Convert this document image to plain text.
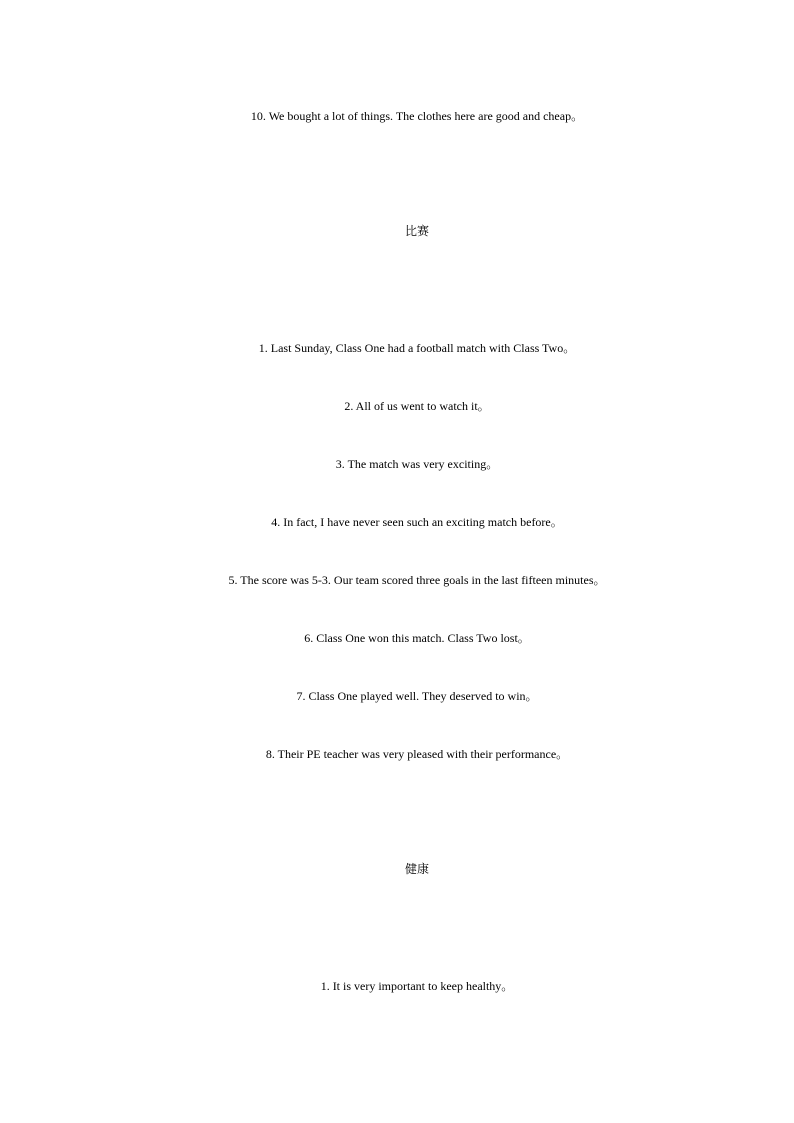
10. We bought a lot of things. The clothes here are good and cheap。
比赛
1. Last Sunday, Class One had a football match with Class Two。
2. All of us went to watch it。
3. The match was very exciting。
4. In fact, I have never seen such an exciting match before。
5. The score was 5-3. Our team scored three goals in the last fifteen minutes。
6. Class One won this match. Class Two lost。
7. Class One played well. They deserved to win。
8. Their PE teacher was very pleased with their performance。
健康
1. It is very important to keep healthy。
